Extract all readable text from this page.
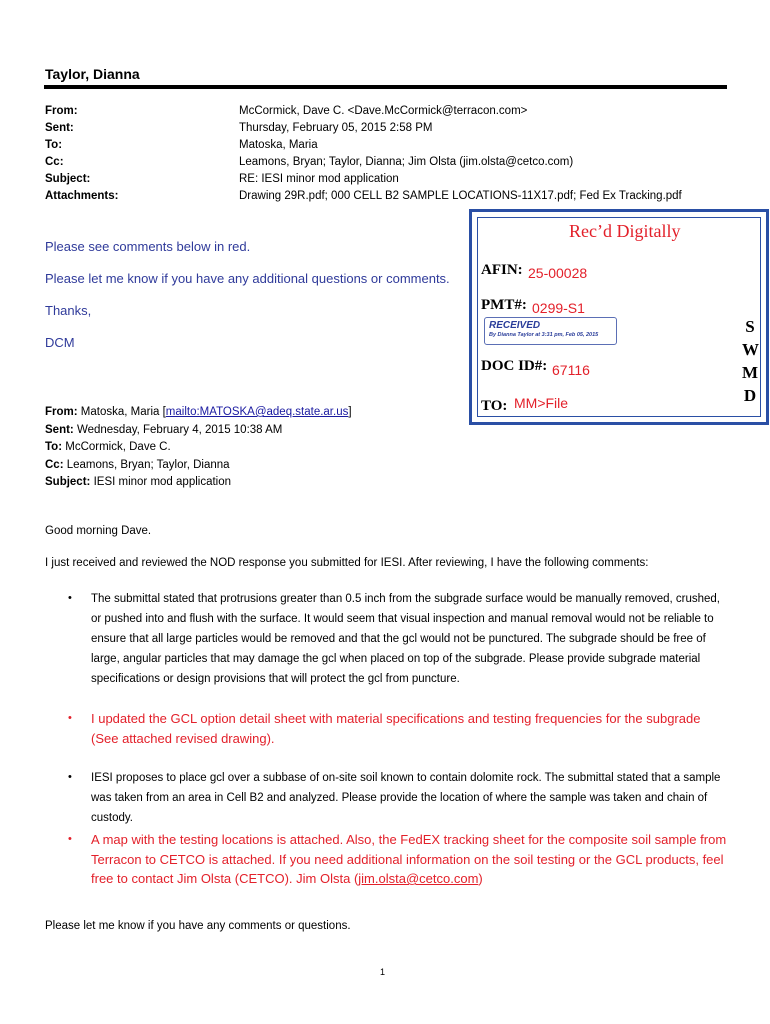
Taylor, Dianna
From:	McCormick, Dave C. <Dave.McCormick@terracon.com>
Sent:	Thursday, February 05, 2015 2:58 PM
To:	Matoska, Maria
Cc:	Leamons, Bryan; Taylor, Dianna; Jim Olsta (jim.olsta@cetco.com)
Subject:	RE: IESI minor mod application
Attachments:	Drawing 29R.pdf; 000 CELL B2 SAMPLE LOCATIONS-11X17.pdf; Fed Ex Tracking.pdf
Please see comments below in red.
Please let me know if you have any additional questions or comments.
Thanks,
DCM
Rec’d Digitally
AFIN: 25-00028
PMT#: 0299-S1
RECEIVED
By Dianna Taylor at 3:31 pm, Feb 05, 2015
DOC ID#: 67116
TO: MM>File
S
W
M
D
From: Matoska, Maria [mailto:MATOSKA@adeq.state.ar.us]
Sent: Wednesday, February 4, 2015 10:38 AM
To: McCormick, Dave C.
Cc: Leamons, Bryan; Taylor, Dianna
Subject: IESI minor mod application
Good morning Dave.
I just received and reviewed the NOD response you submitted for IESI. After reviewing, I have the following comments:
• The submittal stated that protrusions greater than 0.5 inch from the subgrade surface would be manually removed, crushed, or pushed into and flush with the surface. It would seem that visual inspection and manual removal would not be reliable to ensure that all large particles would be removed and that the gcl would not be punctured. The subgrade should be free of large, angular particles that may damage the gcl when placed on top of the subgrade. Please provide subgrade material specifications or design provisions that will protect the gcl from puncture.
• I updated the GCL option detail sheet with material specifications and testing frequencies for the subgrade (See attached revised drawing).
• IESI proposes to place gcl over a subbase of on-site soil known to contain dolomite rock. The submittal stated that a sample was taken from an area in Cell B2 and analyzed. Please provide the location of where the sample was taken and chain of custody.
• A map with the testing locations is attached. Also, the FedEX tracking sheet for the composite soil sample from Terracon to CETCO is attached. If you need additional information on the soil testing or the GCL products, feel free to contact Jim Olsta (CETCO). Jim Olsta (jim.olsta@cetco.com)
Please let me know if you have any comments or questions.
1
